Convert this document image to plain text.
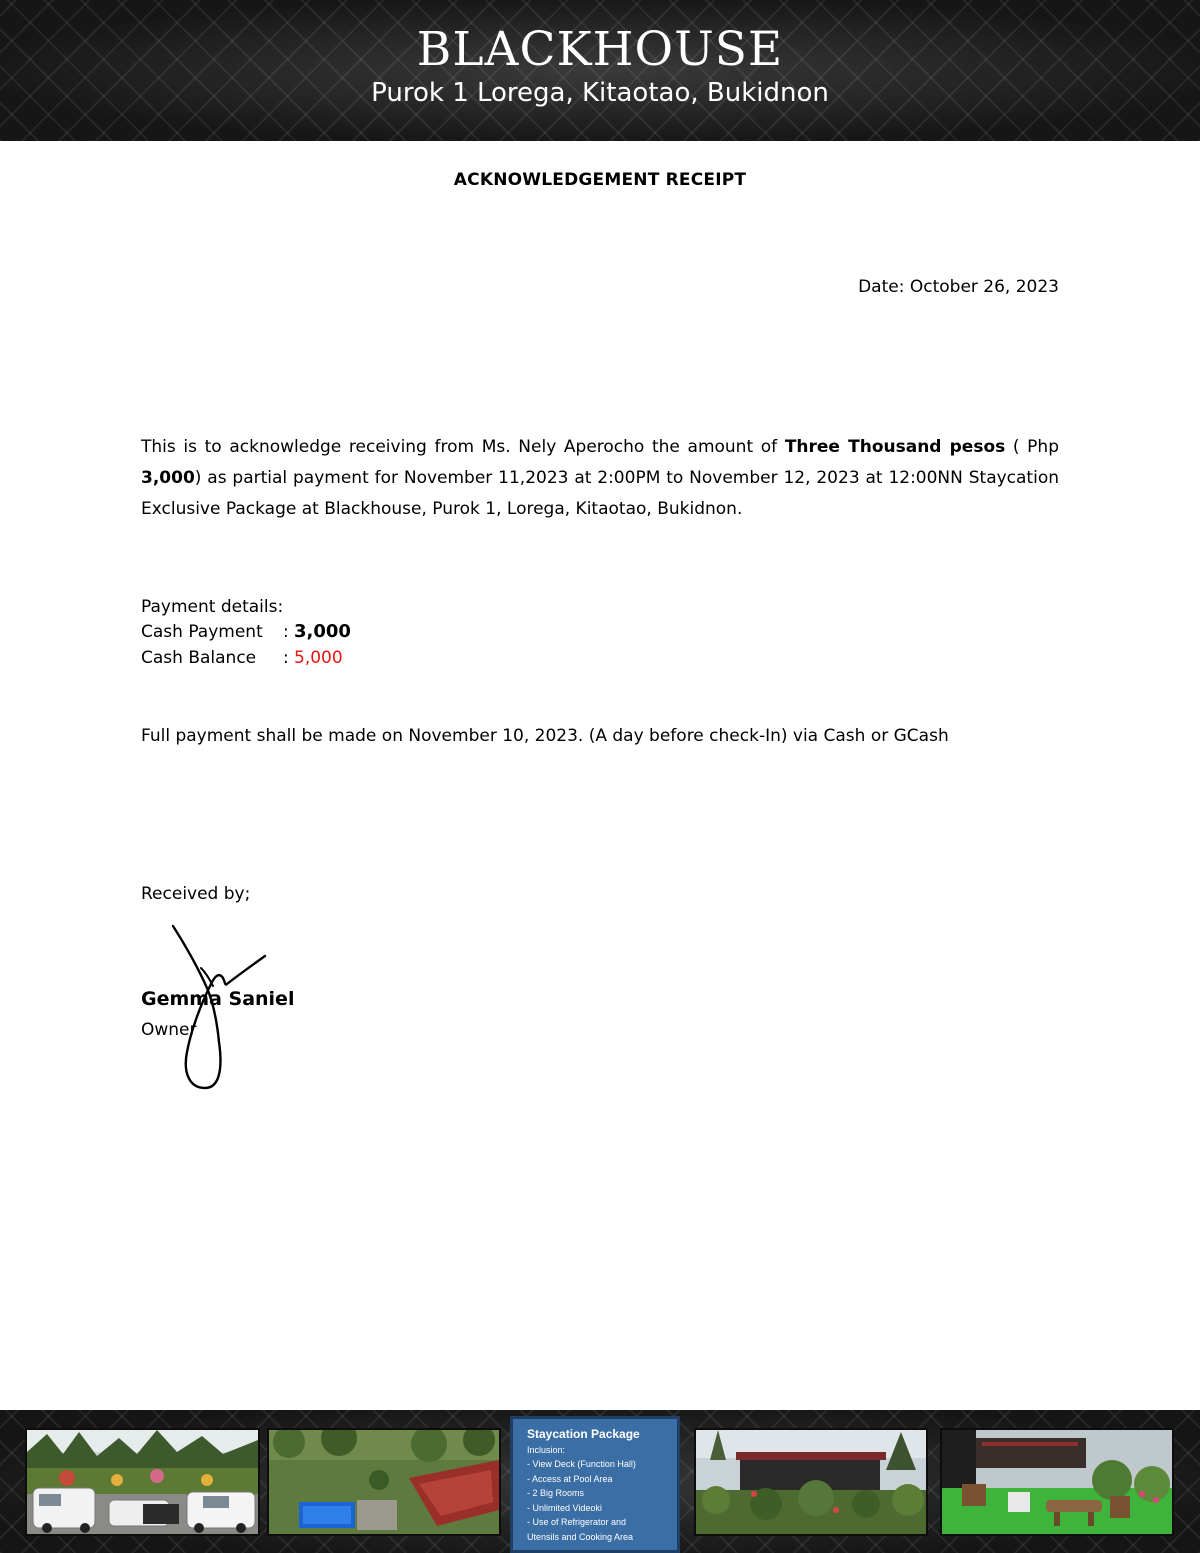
BLACKHOUSE
Purok 1 Lorega, Kitaotao, Bukidnon
ACKNOWLEDGEMENT RECEIPT
Date: October 26, 2023
This is to acknowledge receiving from Ms. Nely Aperocho the amount of Three Thousand pesos ( Php 3,000) as partial payment for November 11,2023 at 2:00PM to November 12, 2023 at 12:00NN Staycation Exclusive Package at Blackhouse, Purok 1, Lorega, Kitaotao, Bukidnon.
Payment details:
Cash Payment	: 3,000
Cash Balance	: 5,000
Full payment shall be made on November 10, 2023. (A day before check-In) via Cash or GCash
Received by;
Gemma Saniel
Owner
Staycation Package
Inclusion:
- View Deck (Function Hall)
- Access at Pool Area
- 2 Big Rooms
- Unlimited Videoki
- Use of Refrigerator and
Utensils and Cooking Area
